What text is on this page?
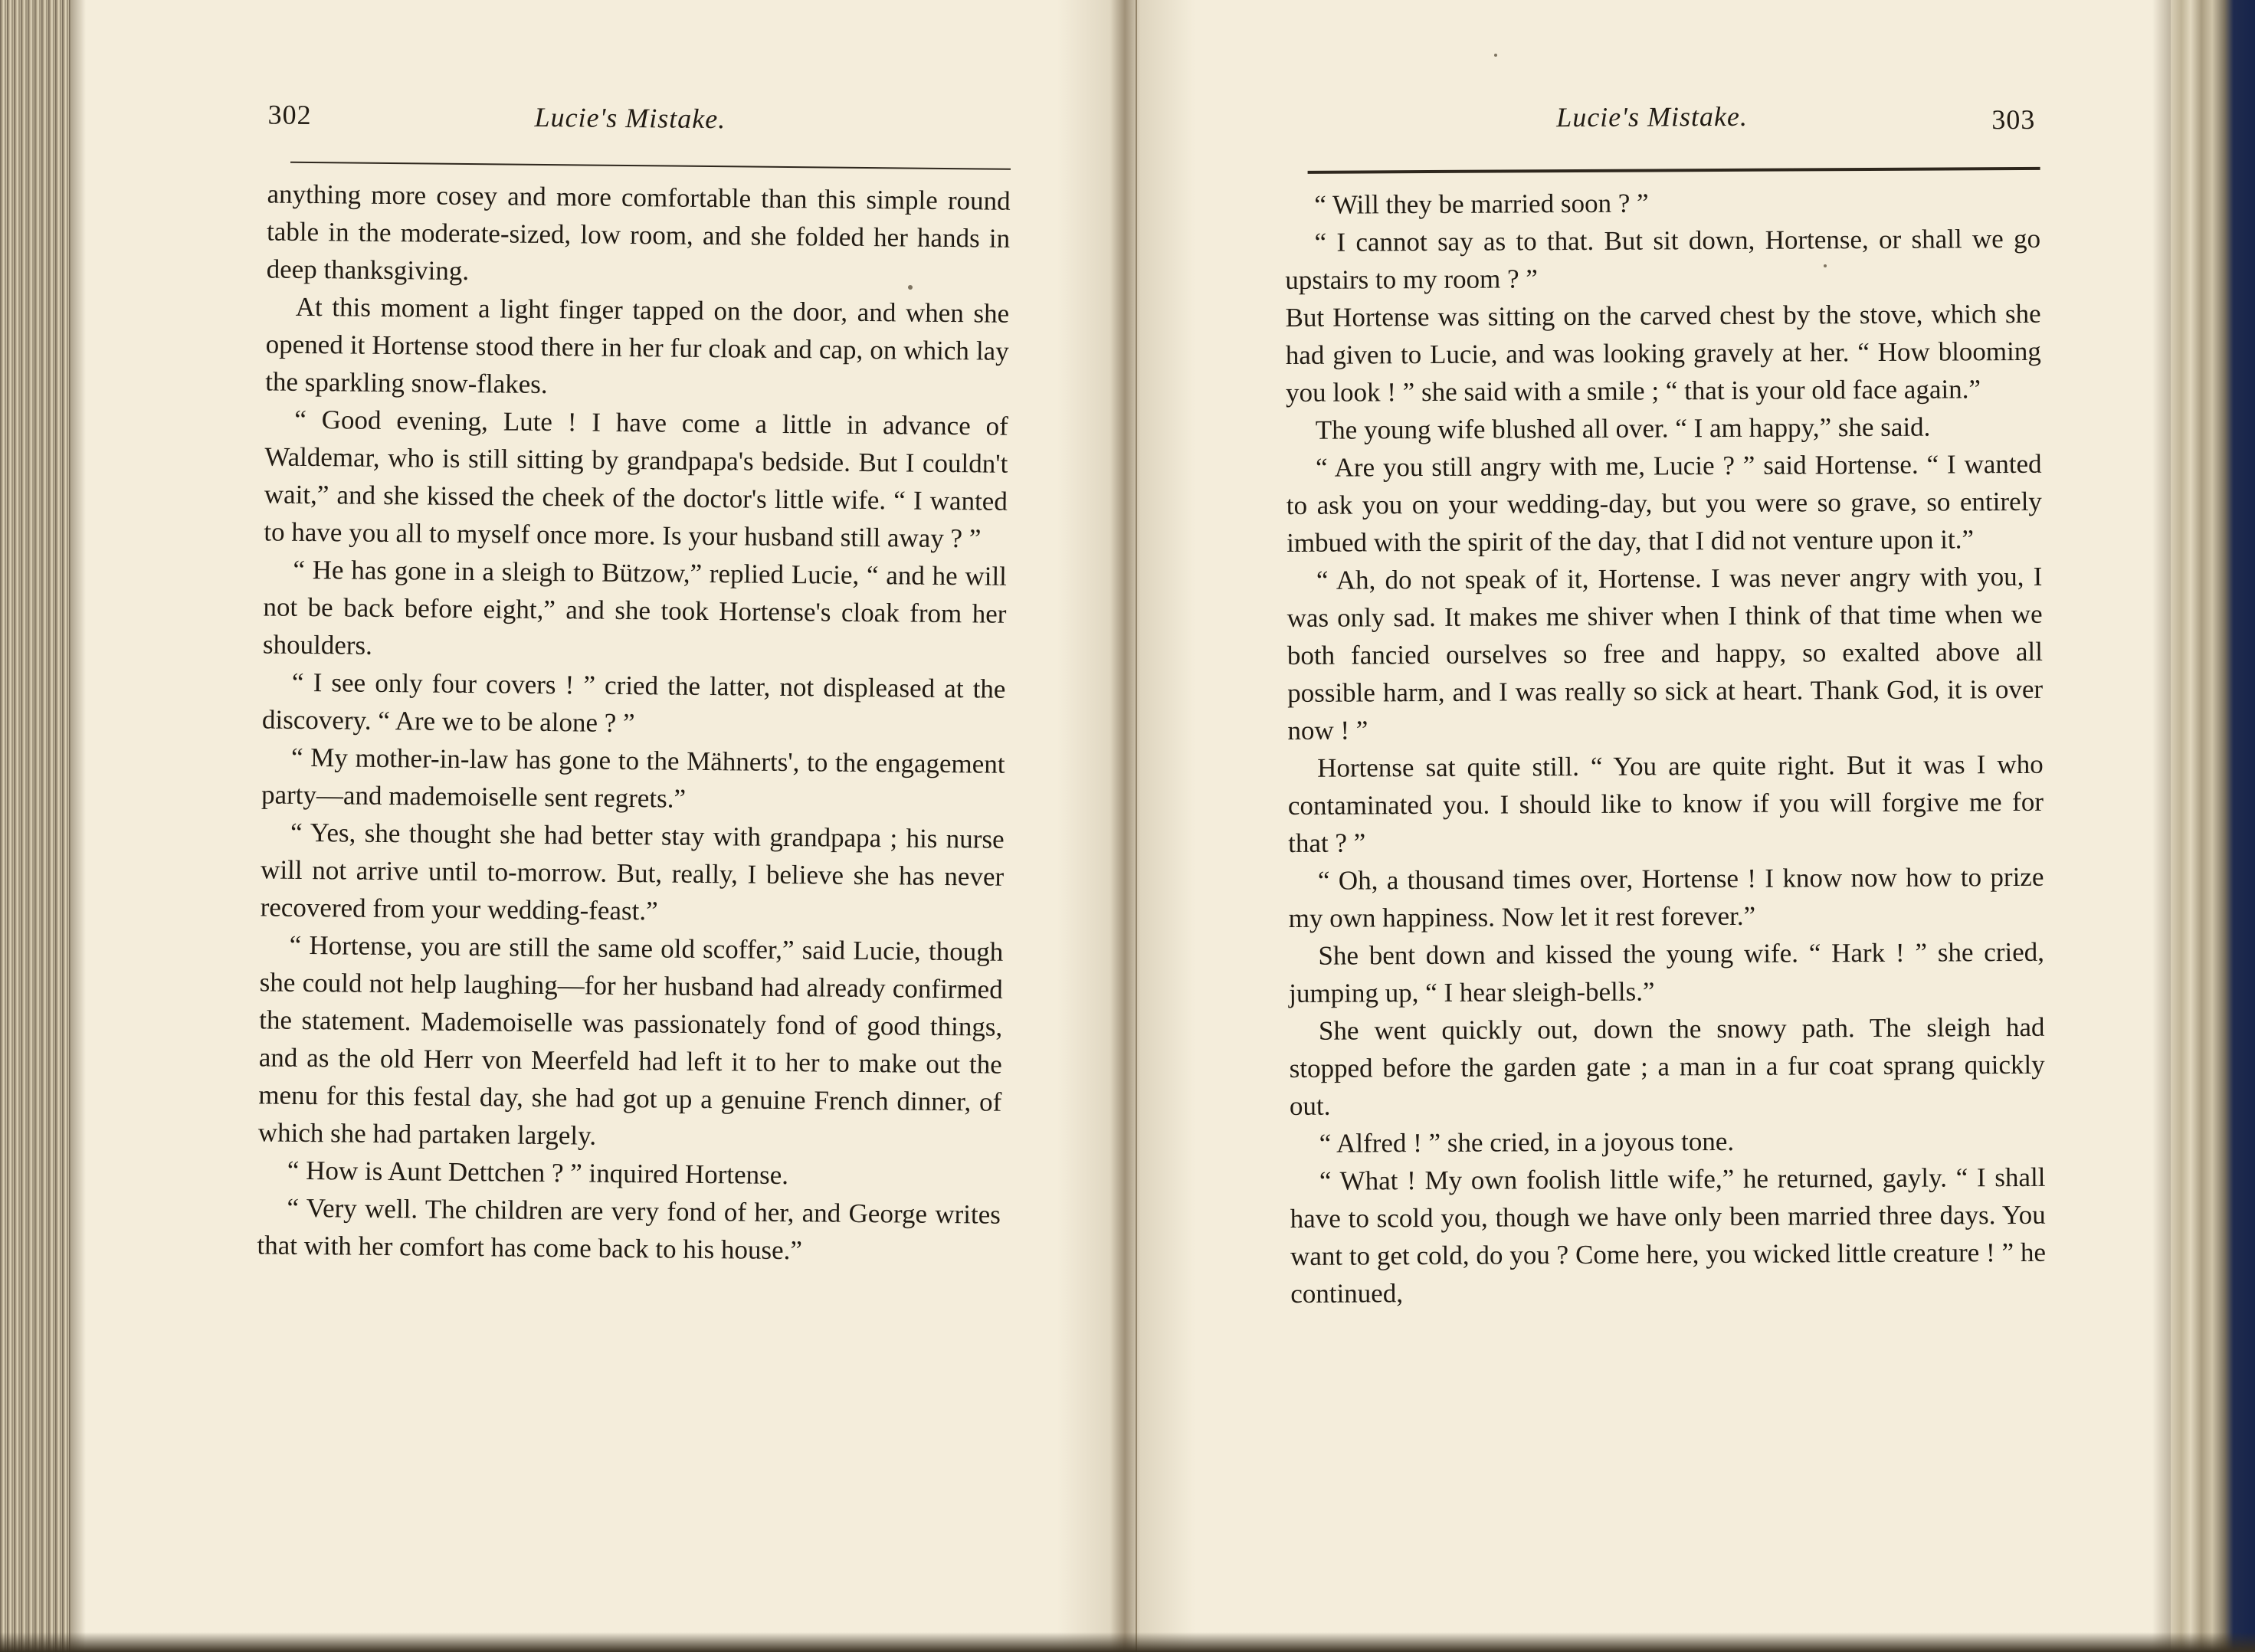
302	Lucie's Mistake.

anything more cosey and more comfortable than this simple round table in the moderate-sized, low room, and she folded her hands in deep thanksgiving.

At this moment a light finger tapped on the door, and when she opened it Hortense stood there in her fur cloak and cap, on which lay the sparkling snow-flakes.

“ Good evening, Lute ! I have come a little in advance of Waldemar, who is still sitting by grandpapa's bedside. But I couldn't wait,” and she kissed the cheek of the doctor's little wife. “ I wanted to have you all to myself once more. Is your husband still away ? ”

“ He has gone in a sleigh to Bützow,” replied Lucie, “ and he will not be back before eight,” and she took Hortense's cloak from her shoulders.

“ I see only four covers ! ” cried the latter, not displeased at the discovery. “ Are we to be alone ? ”

“ My mother-in-law has gone to the Mähnerts', to the engagement party—and mademoiselle sent regrets.”

“ Yes, she thought she had better stay with grandpapa ; his nurse will not arrive until to-morrow. But, really, I believe she has never recovered from your wedding-feast.”

“ Hortense, you are still the same old scoffer,” said Lucie, though she could not help laughing—for her husband had already confirmed the statement. Mademoiselle was passionately fond of good things, and as the old Herr von Meerfeld had left it to her to make out the menu for this festal day, she had got up a genuine French dinner, of which she had partaken largely.

“ How is Aunt Dettchen ? ” inquired Hortense.

“ Very well. The children are very fond of her, and George writes that with her comfort has come back to his house.”

Lucie's Mistake.	303

“ Will they be married soon ? ”

“ I cannot say as to that. But sit down, Hortense, or shall we go upstairs to my room ? ”

But Hortense was sitting on the carved chest by the stove, which she had given to Lucie, and was looking gravely at her. “ How blooming you look ! ” she said with a smile ; “ that is your old face again.”

The young wife blushed all over. “ I am happy,” she said.

“ Are you still angry with me, Lucie ? ” said Hortense. “ I wanted to ask you on your wedding-day, but you were so grave, so entirely imbued with the spirit of the day, that I did not venture upon it.”

“ Ah, do not speak of it, Hortense. I was never angry with you, I was only sad. It makes me shiver when I think of that time when we both fancied ourselves so free and happy, so exalted above all possible harm, and I was really so sick at heart. Thank God, it is over now ! ”

Hortense sat quite still. “ You are quite right. But it was I who contaminated you. I should like to know if you will forgive me for that ? ”

“ Oh, a thousand times over, Hortense ! I know now how to prize my own happiness. Now let it rest forever.”

She bent down and kissed the young wife. “ Hark ! ” she cried, jumping up, “ I hear sleigh-bells.”

She went quickly out, down the snowy path. The sleigh had stopped before the garden gate ; a man in a fur coat sprang quickly out.

“ Alfred ! ” she cried, in a joyous tone.

“ What ! My own foolish little wife,” he returned, gayly. “ I shall have to scold you, though we have only been married three days. You want to get cold, do you ? Come here, you wicked little creature ! ” he continued,
